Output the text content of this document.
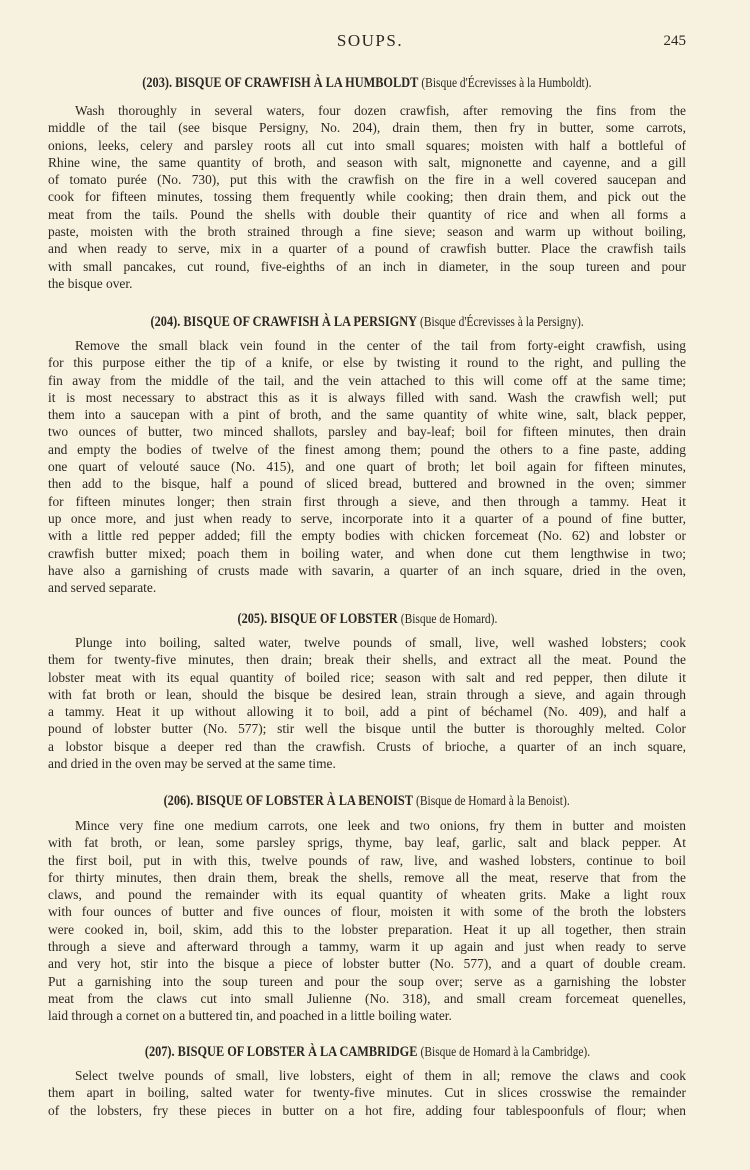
SOUPS.	245
(203). BISQUE OF CRAWFISH À LA HUMBOLDT (Bisque d'Écrevisses à la Humboldt).
Wash thoroughly in several waters, four dozen crawfish, after removing the fins from the
middle of the tail (see bisque Persigny, No. 204), drain them, then fry in butter, some carrots,
onions, leeks, celery and parsley roots all cut into small squares; moisten with half a bottleful of
Rhine wine, the same quantity of broth, and season with salt, mignonette and cayenne, and a gill
of tomato purée (No. 730), put this with the crawfish on the fire in a well covered saucepan and
cook for fifteen minutes, tossing them frequently while cooking; then drain them, and pick out the
meat from the tails. Pound the shells with double their quantity of rice and when all forms a
paste, moisten with the broth strained through a fine sieve; season and warm up without boiling,
and when ready to serve, mix in a quarter of a pound of crawfish butter. Place the crawfish tails
with small pancakes, cut round, five-eighths of an inch in diameter, in the soup tureen and pour
the bisque over.
(204). BISQUE OF CRAWFISH À LA PERSIGNY (Bisque d'Écrevisses à la Persigny).
Remove the small black vein found in the center of the tail from forty-eight crawfish, using
for this purpose either the tip of a knife, or else by twisting it round to the right, and pulling the
fin away from the middle of the tail, and the vein attached to this will come off at the same time;
it is most necessary to abstract this as it is always filled with sand. Wash the crawfish well; put
them into a saucepan with a pint of broth, and the same quantity of white wine, salt, black pepper,
two ounces of butter, two minced shallots, parsley and bay-leaf; boil for fifteen minutes, then drain
and empty the bodies of twelve of the finest among them; pound the others to a fine paste, adding
one quart of velouté sauce (No. 415), and one quart of broth; let boil again for fifteen minutes,
then add to the bisque, half a pound of sliced bread, buttered and browned in the oven; simmer
for fifteen minutes longer; then strain first through a sieve, and then through a tammy. Heat it
up once more, and just when ready to serve, incorporate into it a quarter of a pound of fine butter,
with a little red pepper added; fill the empty bodies with chicken forcemeat (No. 62) and lobster or
crawfish butter mixed; poach them in boiling water, and when done cut them lengthwise in two;
have also a garnishing of crusts made with savarin, a quarter of an inch square, dried in the oven,
and served separate.
(205). BISQUE OF LOBSTER (Bisque de Homard).
Plunge into boiling, salted water, twelve pounds of small, live, well washed lobsters; cook
them for twenty-five minutes, then drain; break their shells, and extract all the meat. Pound the
lobster meat with its equal quantity of boiled rice; season with salt and red pepper, then dilute it
with fat broth or lean, should the bisque be desired lean, strain through a sieve, and again through
a tammy. Heat it up without allowing it to boil, add a pint of béchamel (No. 409), and half a
pound of lobster butter (No. 577); stir well the bisque until the butter is thoroughly melted. Color
a lobstor bisque a deeper red than the crawfish. Crusts of brioche, a quarter of an inch square,
and dried in the oven may be served at the same time.
(206). BISQUE OF LOBSTER À LA BENOIST (Bisque de Homard à la Benoist).
Mince very fine one medium carrots, one leek and two onions, fry them in butter and moisten
with fat broth, or lean, some parsley sprigs, thyme, bay leaf, garlic, salt and black pepper. At
the first boil, put in with this, twelve pounds of raw, live, and washed lobsters, continue to boil
for thirty minutes, then drain them, break the shells, remove all the meat, reserve that from the
claws, and pound the remainder with its equal quantity of wheaten grits. Make a light roux
with four ounces of butter and five ounces of flour, moisten it with some of the broth the lobsters
were cooked in, boil, skim, add this to the lobster preparation. Heat it up all together, then strain
through a sieve and afterward through a tammy, warm it up again and just when ready to serve
and very hot, stir into the bisque a piece of lobster butter (No. 577), and a quart of double cream.
Put a garnishing into the soup tureen and pour the soup over; serve as a garnishing the lobster
meat from the claws cut into small Julienne (No. 318), and small cream forcemeat quenelles,
laid through a cornet on a buttered tin, and poached in a little boiling water.
(207). BISQUE OF LOBSTER À LA CAMBRIDGE (Bisque de Homard à la Cambridge).
Select twelve pounds of small, live lobsters, eight of them in all; remove the claws and cook
them apart in boiling, salted water for twenty-five minutes. Cut in slices crosswise the remainder
of the lobsters, fry these pieces in butter on a hot fire, adding four tablespoonfuls of flour; when
